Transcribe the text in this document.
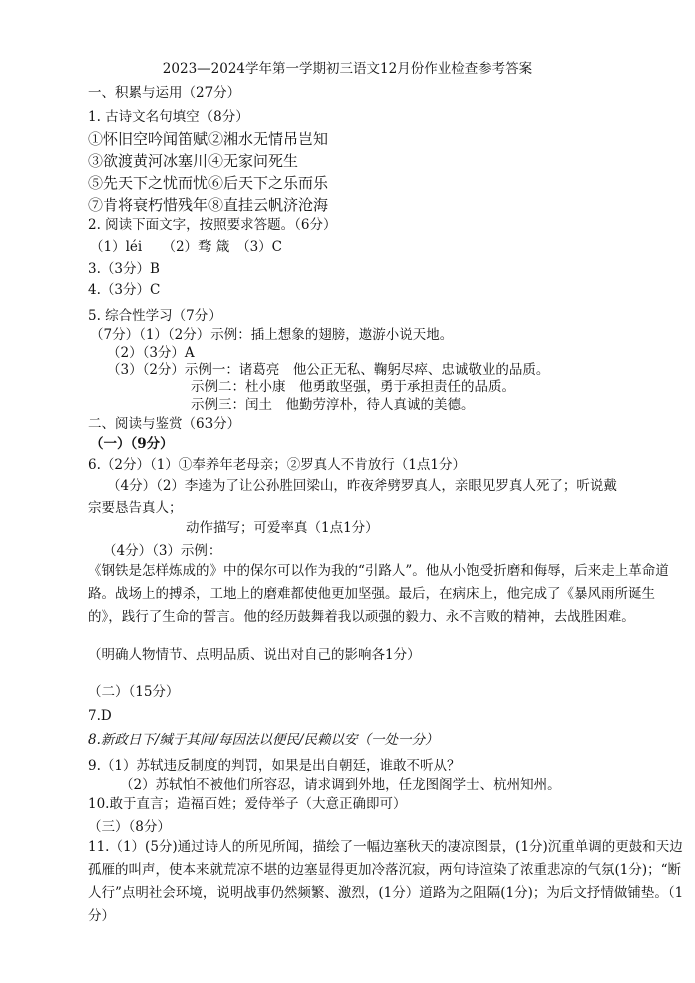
2023—2024学年第一学期初三语文12月份作业检查参考答案
一、积累与运用（27分）
1. 古诗文名句填空（8分）
①怀旧空吟闻笛赋②湘水无情吊岂知
③欲渡黄河冰塞川④无家问死生
⑤先天下之忧而忧⑥后天下之乐而乐
⑦肯将衰朽惜残年⑧直挂云帆济沧海
2. 阅读下面文字，按照要求答题。（6分）
（1）léi　　（2）骛 箴　（3）C
3.（3分）B
4.（3分）C
5. 综合性学习（7分）
（7分）（1）（2分）示例：插上想象的翅膀，遨游小说天地。
（2）（3分）A
（3）（2分）示例一：诸葛亮　他公正无私、鞠躬尽瘁、忠诚敬业的品质。
示例二：杜小康　他勇敢坚强，勇于承担责任的品质。
示例三：闰土　他勤劳淳朴，待人真诚的美德。
二、阅读与鉴赏（63分）
（一）（9分）
6.（2分）（1）①奉养年老母亲；②罗真人不肯放行（1点1分）
（4分）（2）李逵为了让公孙胜回梁山，昨夜斧劈罗真人，亲眼见罗真人死了；听说戴
宗要恳告真人；
动作描写；可爱率真（1点1分）
（4分）（3）示例：
《钢铁是怎样炼成的》中的保尔可以作为我的“引路人”。他从小饱受折磨和侮辱，后来走上革命道路。战场上的搏杀，工地上的磨难都使他更加坚强。最后，在病床上，他完成了《暴风雨所诞生的》，践行了生命的誓言。他的经历鼓舞着我以顽强的毅力、永不言败的精神，去战胜困难。
（明确人物情节、点明品质、说出对自己的影响各1分）
（二）（15分）
7.D
8.新政日下/缄于其间/每因法以便民/民赖以安（一处一分）
9.（1）苏轼违反制度的判罚，如果是出自朝廷，谁敢不听从？
（2）苏轼怕不被他们所容忍，请求调到外地，任龙图阁学士、杭州知州。
10.敢于直言；造福百姓；爱侍举子（大意正确即可）
（三）（8分）
11.（1）(5分)通过诗人的所见所闻，描绘了一幅边塞秋天的凄凉图景，(1分)沉重单调的更鼓和天边孤雁的叫声，使本来就荒凉不堪的边塞显得更加冷落沉寂，两句诗渲染了浓重悲凉的气氛(1分)；“断人行”点明社会环境，说明战事仍然频繁、激烈，(1分）道路为之阻隔(1分)；为后文抒情做铺垫。（1分）
